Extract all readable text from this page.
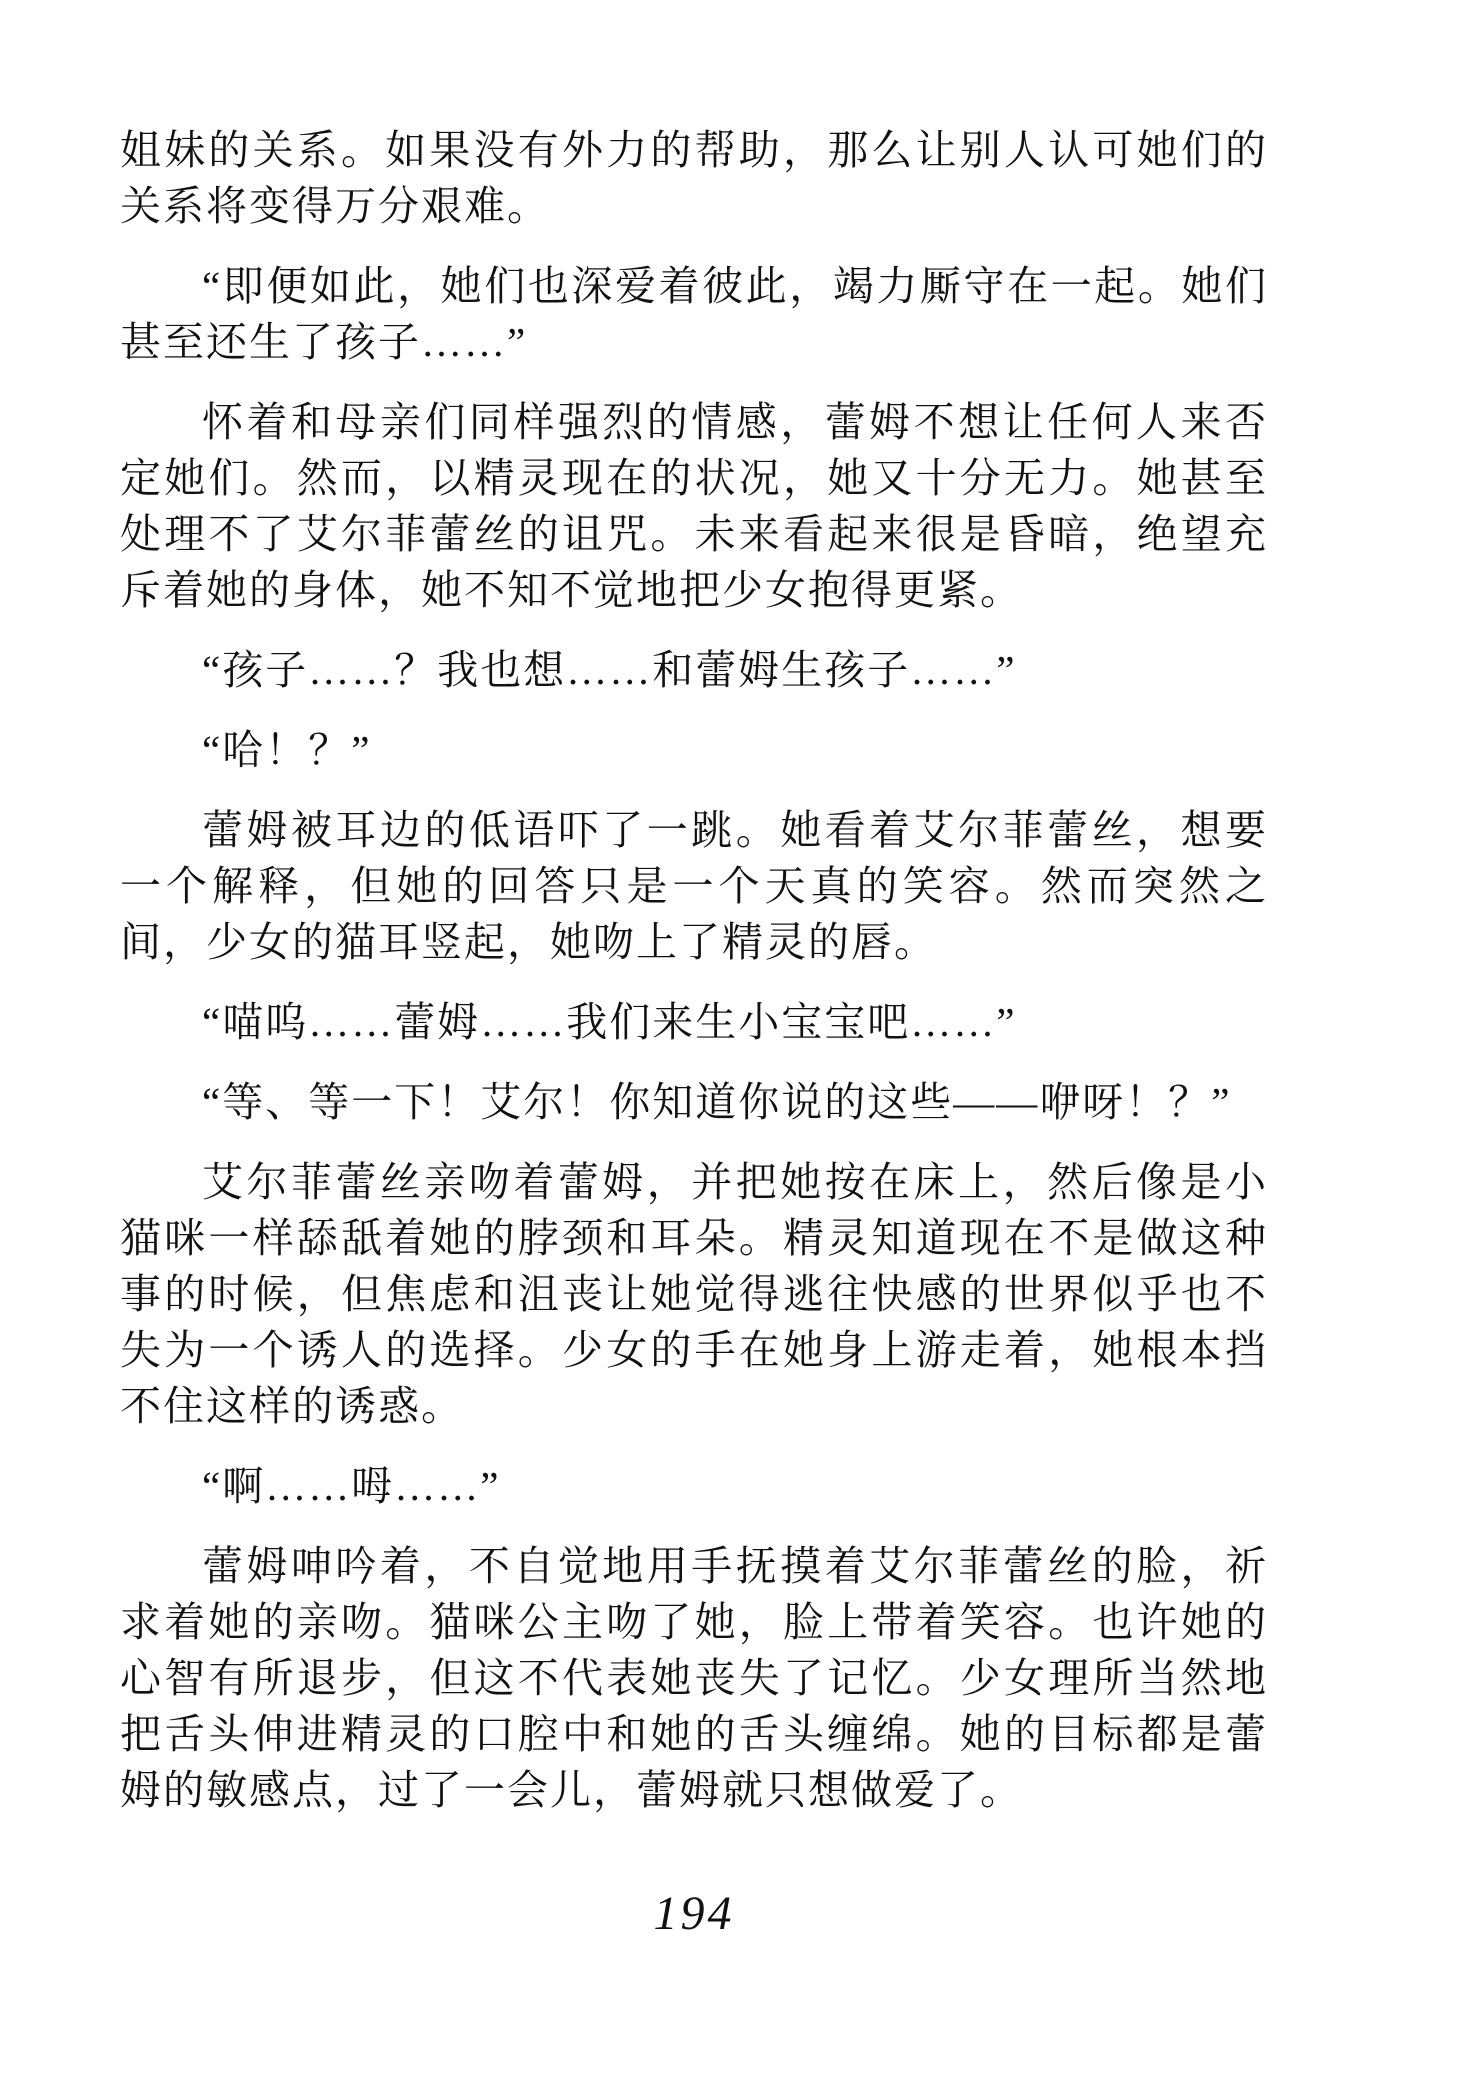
姐妹的关系。如果没有外力的帮助，那么让别人认可她们的关系将变得万分艰难。

“即便如此，她们也深爱着彼此，竭力厮守在一起。她们甚至还生了孩子……”

怀着和母亲们同样强烈的情感，蕾姆不想让任何人来否定她们。然而，以精灵现在的状况，她又十分无力。她甚至处理不了艾尔菲蕾丝的诅咒。未来看起来很是昏暗，绝望充斥着她的身体，她不知不觉地把少女抱得更紧。

“孩子……？我也想……和蕾姆生孩子……”

“哈！？”

蕾姆被耳边的低语吓了一跳。她看着艾尔菲蕾丝，想要一个解释，但她的回答只是一个天真的笑容。然而突然之间，少女的猫耳竖起，她吻上了精灵的唇。

“喵呜……蕾姆……我们来生小宝宝吧……”

“等、等一下！艾尔！你知道你说的这些——咿呀！？”

艾尔菲蕾丝亲吻着蕾姆，并把她按在床上，然后像是小猫咪一样舔舐着她的脖颈和耳朵。精灵知道现在不是做这种事的时候，但焦虑和沮丧让她觉得逃往快感的世界似乎也不失为一个诱人的选择。少女的手在她身上游走着，她根本挡不住这样的诱惑。

“啊……呣……”

蕾姆呻吟着，不自觉地用手抚摸着艾尔菲蕾丝的脸，祈求着她的亲吻。猫咪公主吻了她，脸上带着笑容。也许她的心智有所退步，但这不代表她丧失了记忆。少女理所当然地把舌头伸进精灵的口腔中和她的舌头缠绵。她的目标都是蕾姆的敏感点，过了一会儿，蕾姆就只想做爱了。

194
